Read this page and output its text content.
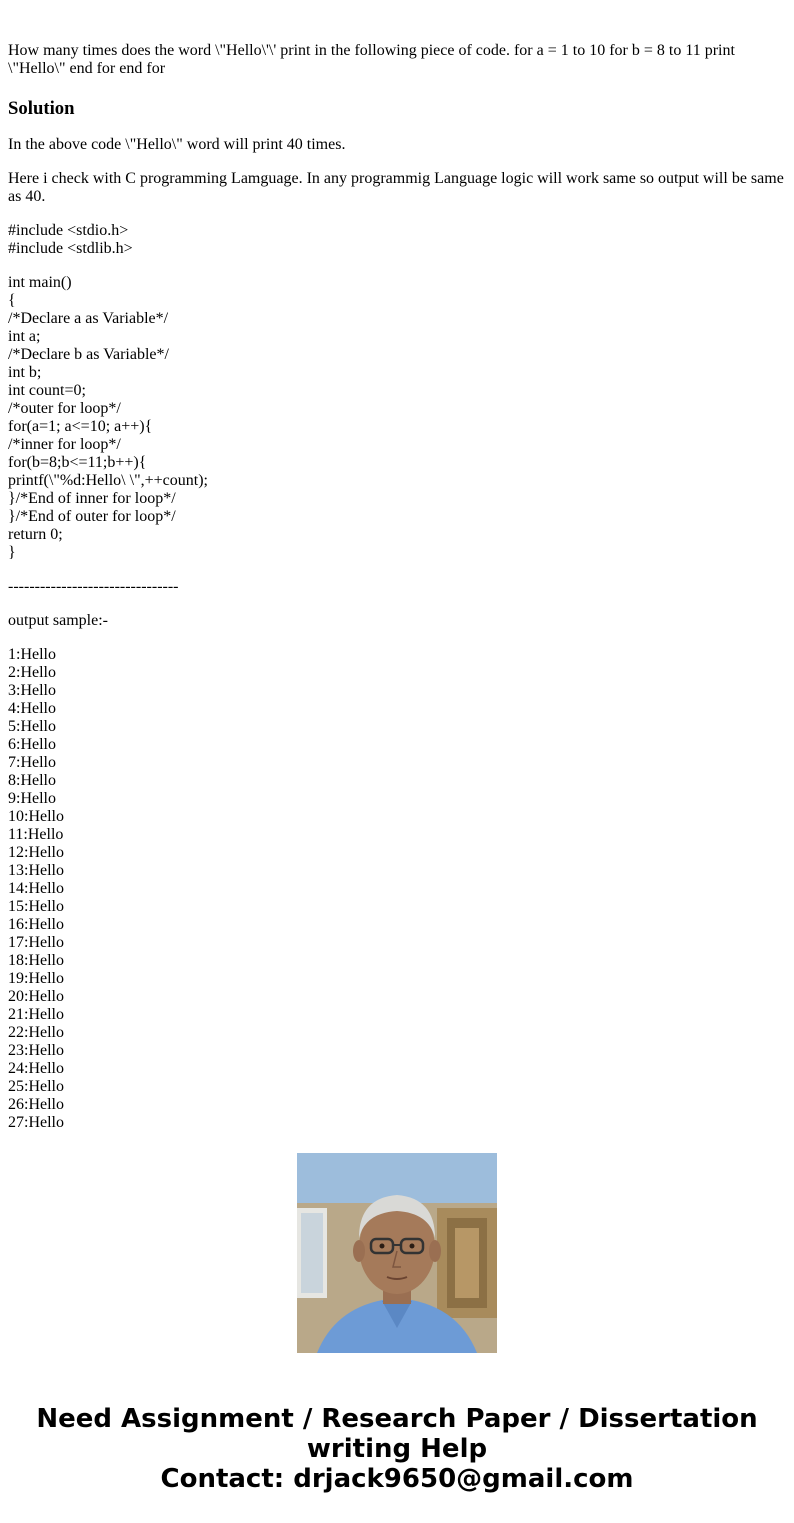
How many times does the word \"Hello\'\' print in the following piece of code. for a = 1 to 10 for b = 8 to 11 print \"Hello\" end for end for
Solution
In the above code \"Hello\" word will print 40 times.
Here i check with C programming Lamguage. In any programmig Language logic will work same so output will be same as 40.
#include <stdio.h>
#include <stdlib.h>
int main()
{
/*Declare a as Variable*/
int a;
/*Declare b as Variable*/
int b;
int count=0;
/*outer for loop*/
for(a=1; a<=10; a++){
/*inner for loop*/
for(b=8;b<=11;b++){
printf(\"%d:Hello\ \",++count);
}/*End of inner for loop*/
}/*End of outer for loop*/
return 0;
}
--------------------------------
output sample:-
1:Hello
2:Hello
3:Hello
4:Hello
5:Hello
6:Hello
7:Hello
8:Hello
9:Hello
10:Hello
11:Hello
12:Hello
13:Hello
14:Hello
15:Hello
16:Hello
17:Hello
18:Hello
19:Hello
20:Hello
21:Hello
22:Hello
23:Hello
24:Hello
25:Hello
26:Hello
27:Hello
Need Assignment / Research Paper / Dissertation
writing Help
Contact: drjack9650@gmail.com
